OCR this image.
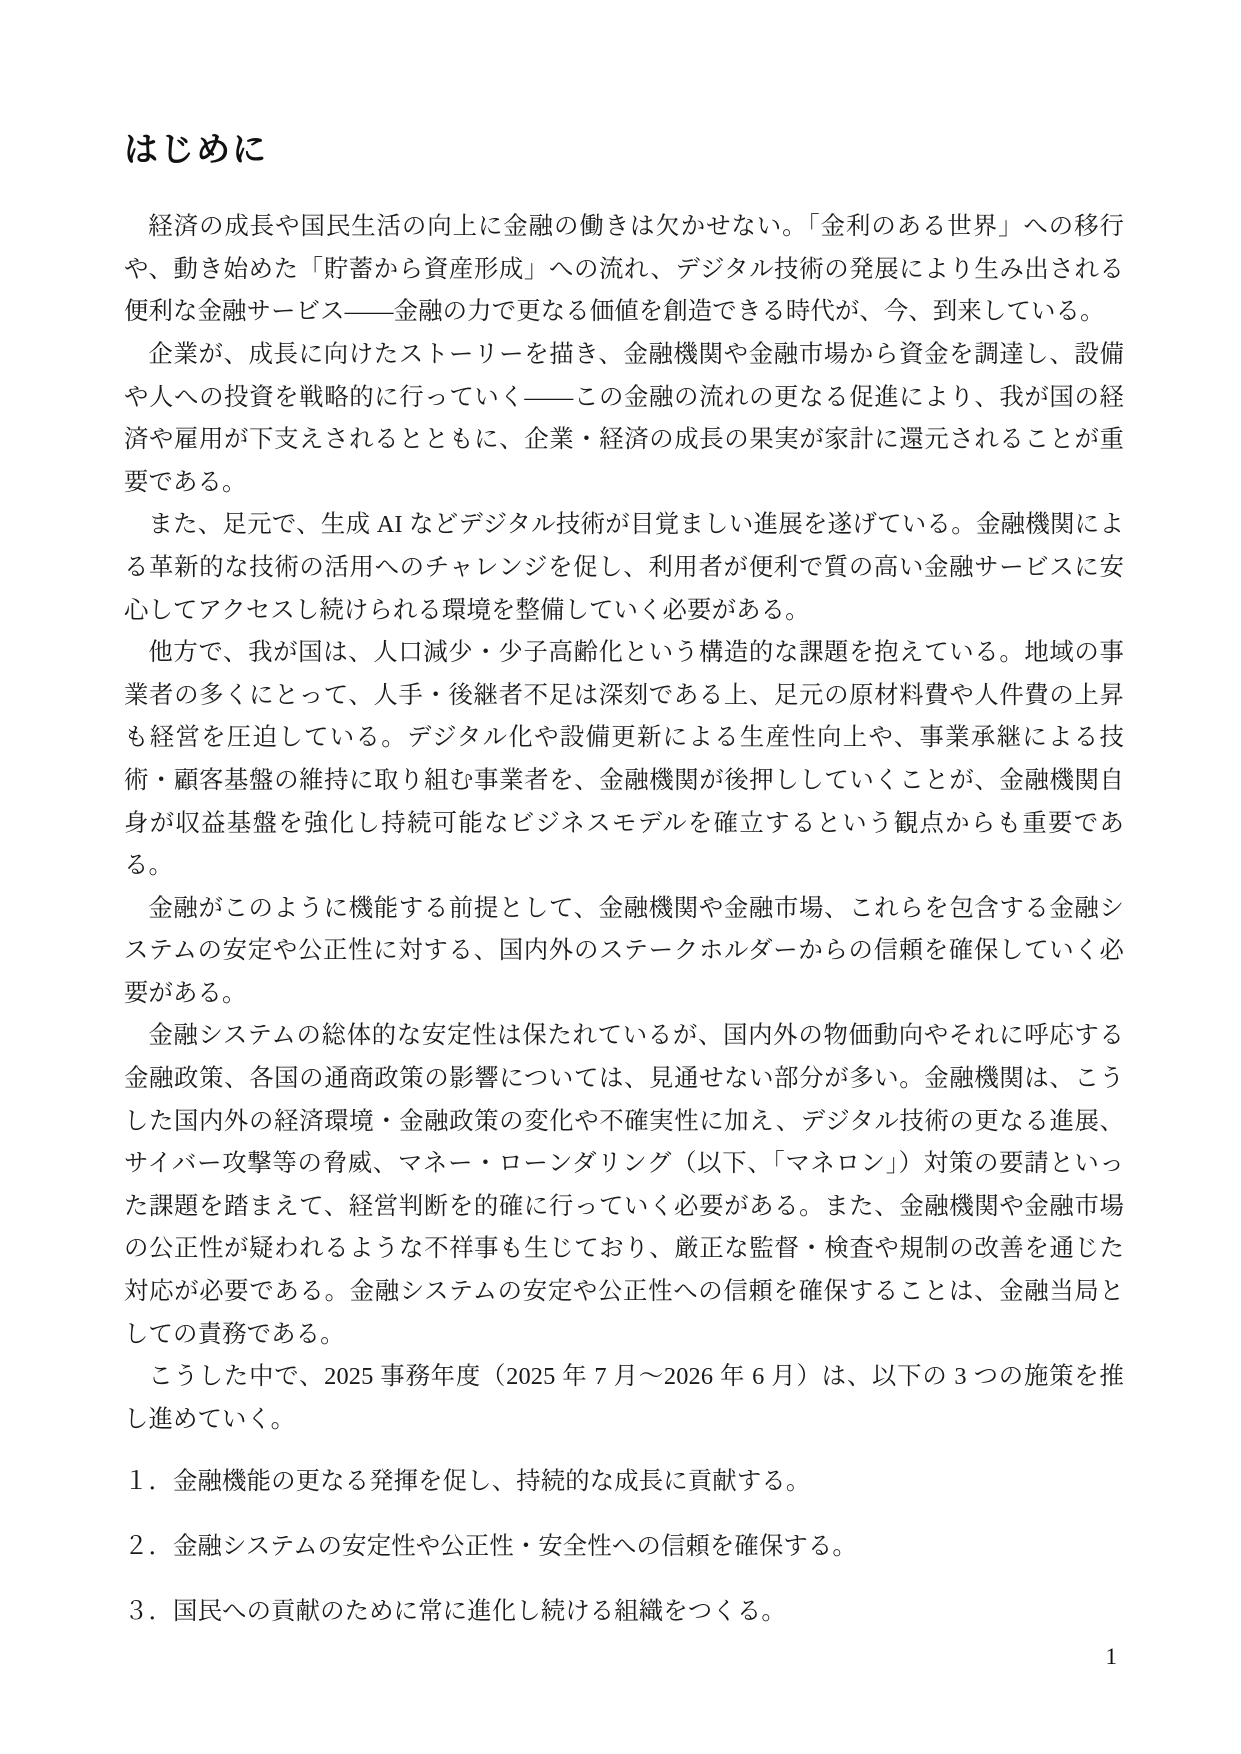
はじめに

経済の成長や国民生活の向上に金融の働きは欠かせない。「金利のある世界」への移行や、動き始めた「貯蓄から資産形成」への流れ、デジタル技術の発展により生み出される便利な金融サービス――金融の力で更なる価値を創造できる時代が、今、到来している。

企業が、成長に向けたストーリーを描き、金融機関や金融市場から資金を調達し、設備や人への投資を戦略的に行っていく――この金融の流れの更なる促進により、我が国の経済や雇用が下支えされるとともに、企業・経済の成長の果実が家計に還元されることが重要である。

また、足元で、生成 AI などデジタル技術が目覚ましい進展を遂げている。金融機関による革新的な技術の活用へのチャレンジを促し、利用者が便利で質の高い金融サービスに安心してアクセスし続けられる環境を整備していく必要がある。

他方で、我が国は、人口減少・少子高齢化という構造的な課題を抱えている。地域の事業者の多くにとって、人手・後継者不足は深刻である上、足元の原材料費や人件費の上昇も経営を圧迫している。デジタル化や設備更新による生産性向上や、事業承継による技術・顧客基盤の維持に取り組む事業者を、金融機関が後押ししていくことが、金融機関自身が収益基盤を強化し持続可能なビジネスモデルを確立するという観点からも重要である。

金融がこのように機能する前提として、金融機関や金融市場、これらを包含する金融システムの安定や公正性に対する、国内外のステークホルダーからの信頼を確保していく必要がある。

金融システムの総体的な安定性は保たれているが、国内外の物価動向やそれに呼応する金融政策、各国の通商政策の影響については、見通せない部分が多い。金融機関は、こうした国内外の経済環境・金融政策の変化や不確実性に加え、デジタル技術の更なる進展、サイバー攻撃等の脅威、マネー・ローンダリング（以下、「マネロン」）対策の要請といった課題を踏まえて、経営判断を的確に行っていく必要がある。また、金融機関や金融市場の公正性が疑われるような不祥事も生じており、厳正な監督・検査や規制の改善を通じた対応が必要である。金融システムの安定や公正性への信頼を確保することは、金融当局としての責務である。

こうした中で、2025 事務年度（2025 年 7 月～2026 年 6 月）は、以下の 3 つの施策を推し進めていく。

１．金融機能の更なる発揮を促し、持続的な成長に貢献する。
２．金融システムの安定性や公正性・安全性への信頼を確保する。
３．国民への貢献のために常に進化し続ける組織をつくる。
1
